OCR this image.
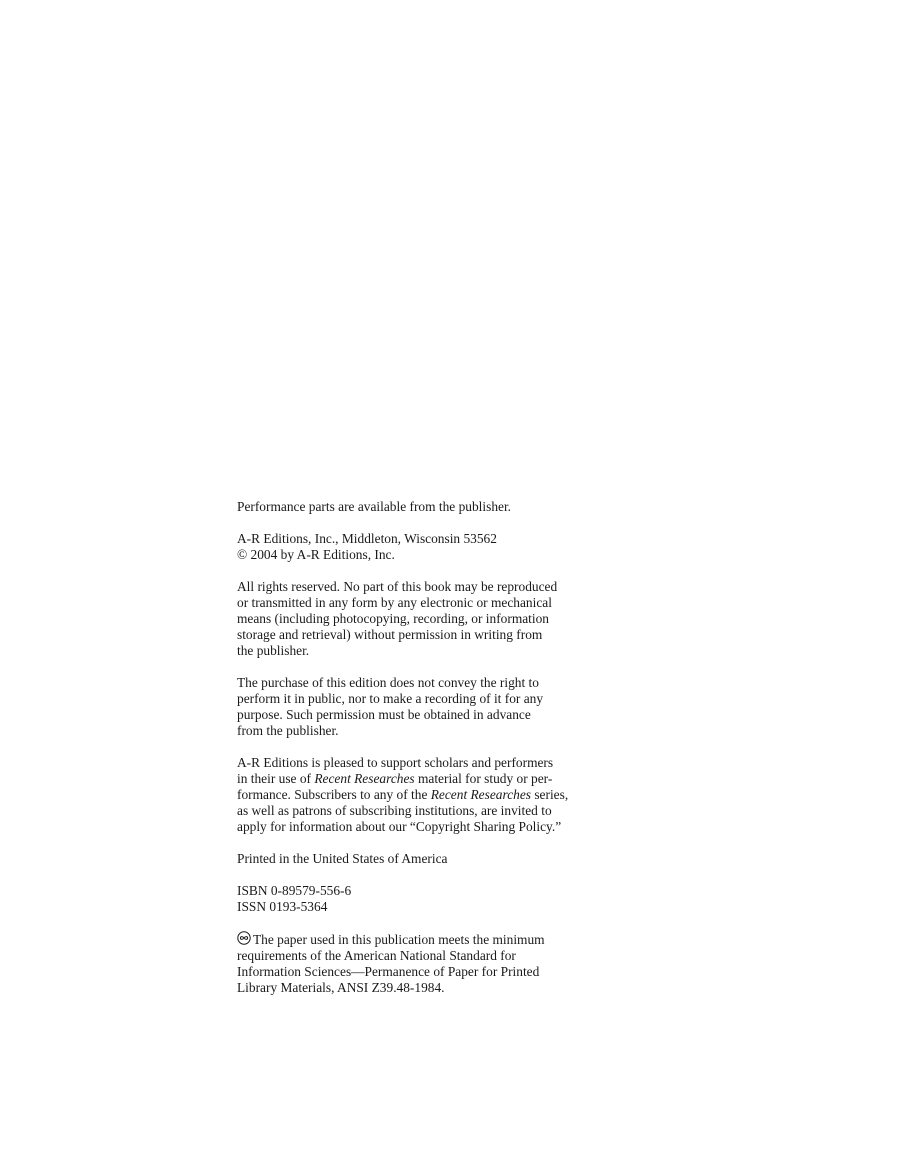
Performance parts are available from the publisher.

A-R Editions, Inc., Middleton, Wisconsin 53562
© 2004 by A-R Editions, Inc.

All rights reserved. No part of this book may be reproduced
or transmitted in any form by any electronic or mechanical
means (including photocopying, recording, or information
storage and retrieval) without permission in writing from
the publisher.

The purchase of this edition does not convey the right to
perform it in public, nor to make a recording of it for any
purpose. Such permission must be obtained in advance
from the publisher.

A-R Editions is pleased to support scholars and performers
in their use of Recent Researches material for study or per-
formance. Subscribers to any of the Recent Researches series,
as well as patrons of subscribing institutions, are invited to
apply for information about our “Copyright Sharing Policy.”

Printed in the United States of America

ISBN 0-89579-556-6
ISSN 0193-5364

The paper used in this publication meets the minimum
requirements of the American National Standard for
Information Sciences—Permanence of Paper for Printed
Library Materials, ANSI Z39.48-1984.
